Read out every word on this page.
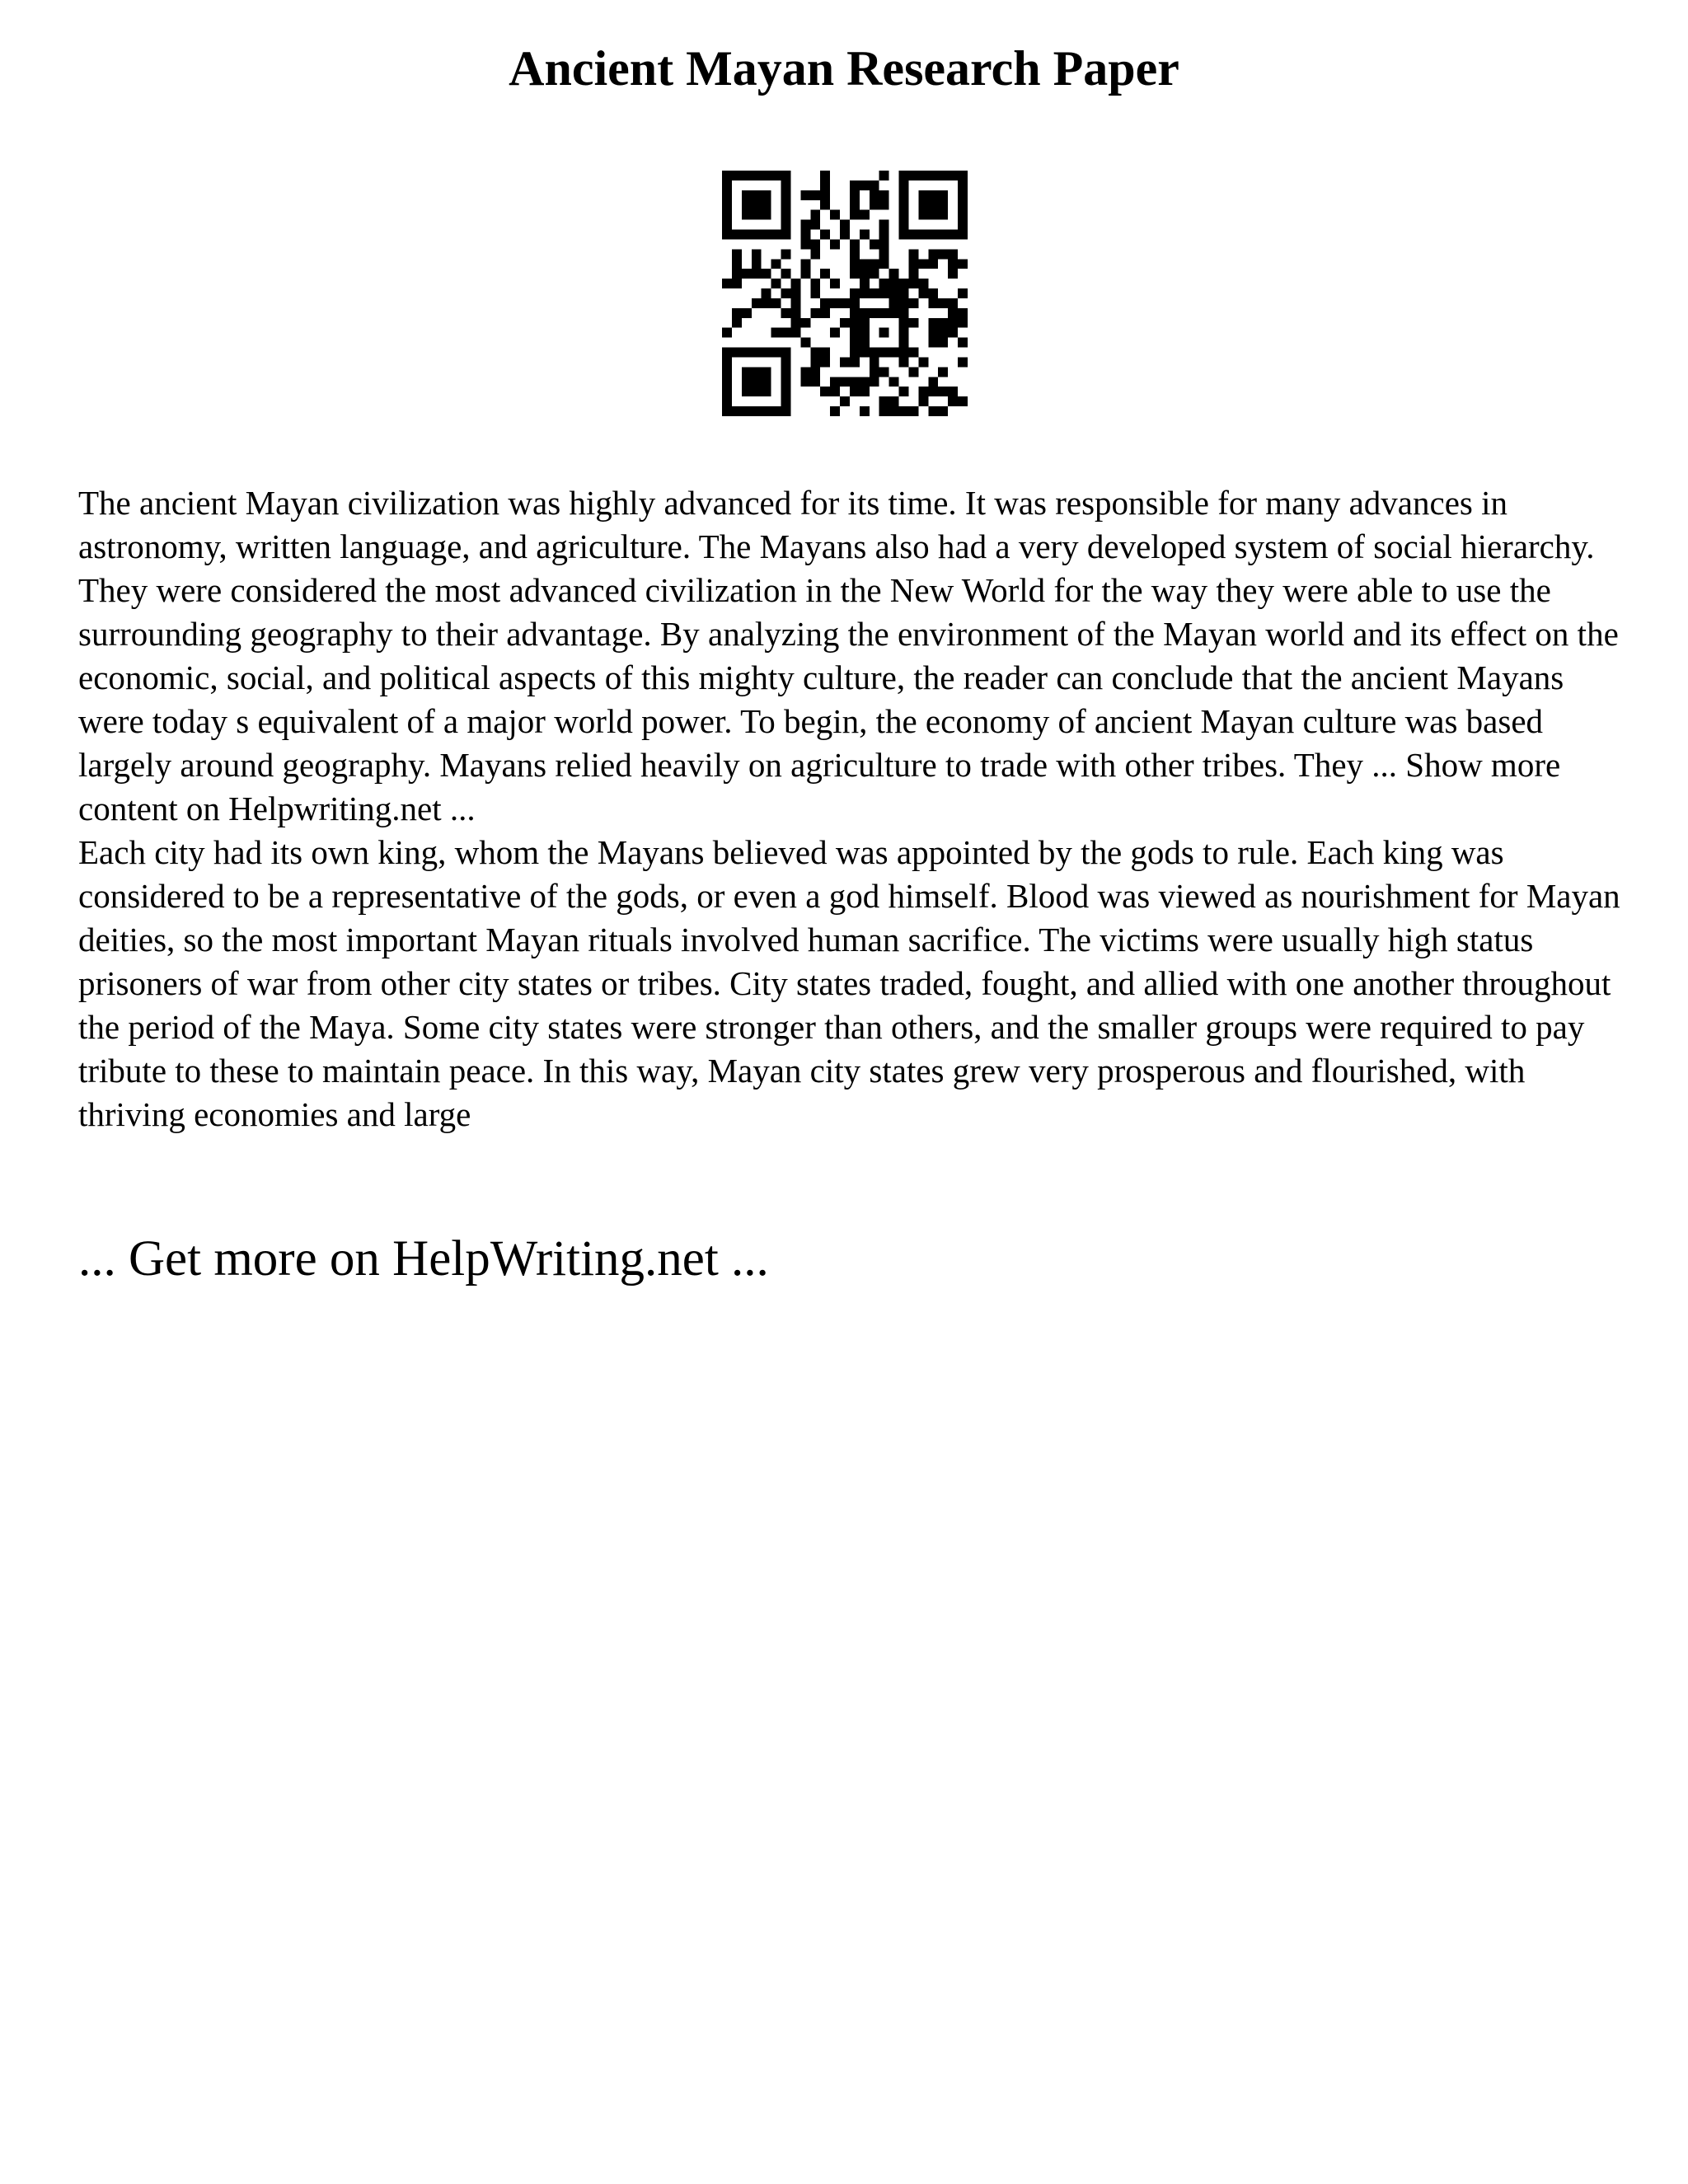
Ancient Mayan Research Paper

The ancient Mayan civilization was highly advanced for its time. It was responsible for many advances in astronomy, written language, and agriculture. The Mayans also had a very developed system of social hierarchy. They were considered the most advanced civilization in the New World for the way they were able to use the surrounding geography to their advantage. By analyzing the environment of the Mayan world and its effect on the economic, social, and political aspects of this mighty culture, the reader can conclude that the ancient Mayans were today s equivalent of a major world power. To begin, the economy of ancient Mayan culture was based largely around geography. Mayans relied heavily on agriculture to trade with other tribes. They ... Show more content on Helpwriting.net ...

Each city had its own king, whom the Mayans believed was appointed by the gods to rule. Each king was considered to be a representative of the gods, or even a god himself. Blood was viewed as nourishment for Mayan deities, so the most important Mayan rituals involved human sacrifice. The victims were usually high status prisoners of war from other city states or tribes. City states traded, fought, and allied with one another throughout the period of the Maya. Some city states were stronger than others, and the smaller groups were required to pay tribute to these to maintain peace. In this way, Mayan city states grew very prosperous and flourished, with thriving economies and large

... Get more on HelpWriting.net ...
